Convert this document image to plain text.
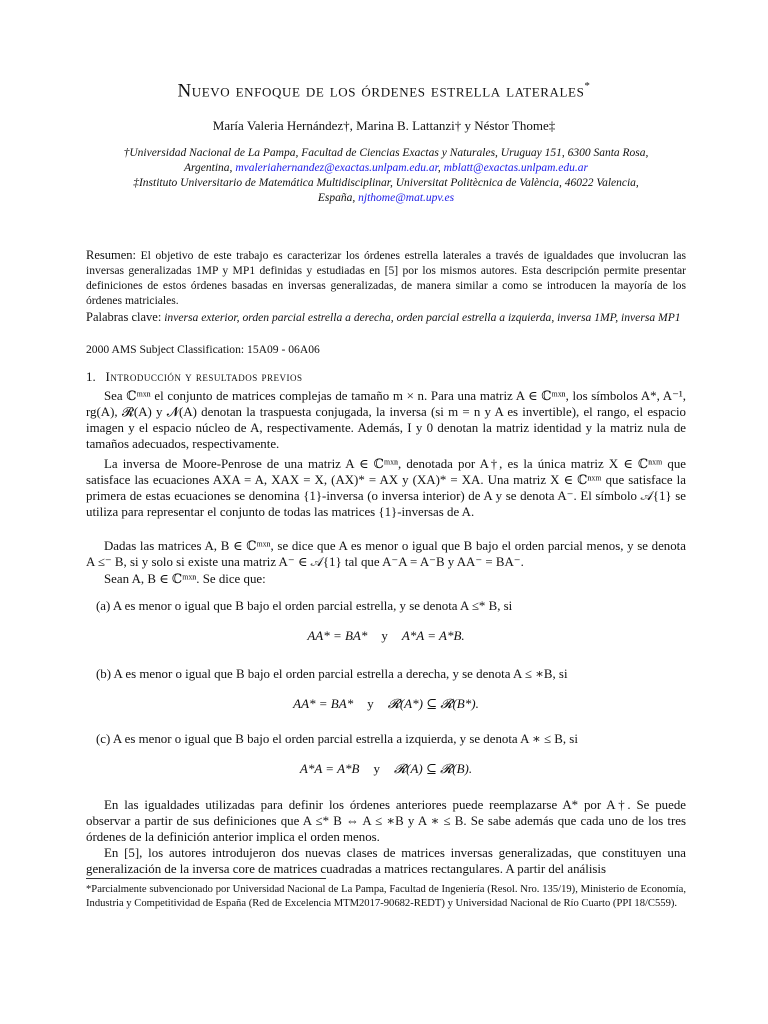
Nuevo enfoque de los órdenes estrella laterales*
María Valeria Hernández†, Marina B. Lattanzi† y Néstor Thome‡
†Universidad Nacional de La Pampa, Facultad de Ciencias Exactas y Naturales, Uruguay 151, 6300 Santa Rosa,
Argentina, mvaleriahernandez@exactas.unlpam.edu.ar, mblatt@exactas.unlpam.edu.ar
‡Instituto Universitario de Matemática Multidisciplinar, Universitat Politècnica de València, 46022 Valencia,
España, njthome@mat.upv.es
Resumen: El objetivo de este trabajo es caracterizar los órdenes estrella laterales a través de igualdades que involucran las inversas generalizadas 1MP y MP1 definidas y estudiadas en [5] por los mismos autores. Esta descripción permite presentar definiciones de estos órdenes basadas en inversas generalizadas, de manera similar a como se introducen la mayoría de los órdenes matriciales.
Palabras clave: inversa exterior, orden parcial estrella a derecha, orden parcial estrella a izquierda, inversa 1MP, inversa MP1
2000 AMS Subject Classification: 15A09 - 06A06
1. Introducción y resultados previos
Sea ℂᵐˣⁿ el conjunto de matrices complejas de tamaño m × n. Para una matriz A ∈ ℂᵐˣⁿ, los símbolos A*, A⁻¹, rg(A), 𝓡(A) y 𝓝(A) denotan la traspuesta conjugada, la inversa (si m = n y A es invertible), el rango, el espacio imagen y el espacio núcleo de A, respectivamente. Además, I y 0 denotan la matriz identidad y la matriz nula de tamaños adecuados, respectivamente.
La inversa de Moore-Penrose de una matriz A ∈ ℂᵐˣⁿ, denotada por A†, es la única matriz X ∈ ℂⁿˣᵐ que satisface las ecuaciones AXA = A, XAX = X, (AX)* = AX y (XA)* = XA. Una matriz X ∈ ℂⁿˣᵐ que satisface la primera de estas ecuaciones se denomina {1}-inversa (o inversa interior) de A y se denota A⁻. El símbolo 𝒜{1} se utiliza para representar el conjunto de todas las matrices {1}-inversas de A.
Dadas las matrices A, B ∈ ℂᵐˣⁿ, se dice que A es menor o igual que B bajo el orden parcial menos, y se denota A ≤⁻ B, si y solo si existe una matriz A⁻ ∈ 𝒜{1} tal que A⁻A = A⁻B y AA⁻ = BA⁻.
Sean A, B ∈ ℂᵐˣⁿ. Se dice que:
(a) A es menor o igual que B bajo el orden parcial estrella, y se denota A ≤* B, si
AA* = BA* y A*A = A*B.
(b) A es menor o igual que B bajo el orden parcial estrella a derecha, y se denota A ≤ ∗B, si
AA* = BA* y 𝓡(A*) ⊆ 𝓡(B*).
(c) A es menor o igual que B bajo el orden parcial estrella a izquierda, y se denota A ∗ ≤ B, si
A*A = A*B y 𝓡(A) ⊆ 𝓡(B).
En las igualdades utilizadas para definir los órdenes anteriores puede reemplazarse A* por A†. Se puede observar a partir de sus definiciones que A ≤* B ⇔ A ≤ ∗B y A ∗ ≤ B. Se sabe además que cada uno de los tres órdenes de la definición anterior implica el orden menos.
En [5], los autores introdujeron dos nuevas clases de matrices inversas generalizadas, que constituyen una generalización de la inversa core de matrices cuadradas a matrices rectangulares. A partir del análisis
*Parcialmente subvencionado por Universidad Nacional de La Pampa, Facultad de Ingeniería (Resol. Nro. 135/19), Ministerio de Economía, Industria y Competitividad de España (Red de Excelencia MTM2017-90682-REDT) y Universidad Nacional de Río Cuarto (PPI 18/C559).
